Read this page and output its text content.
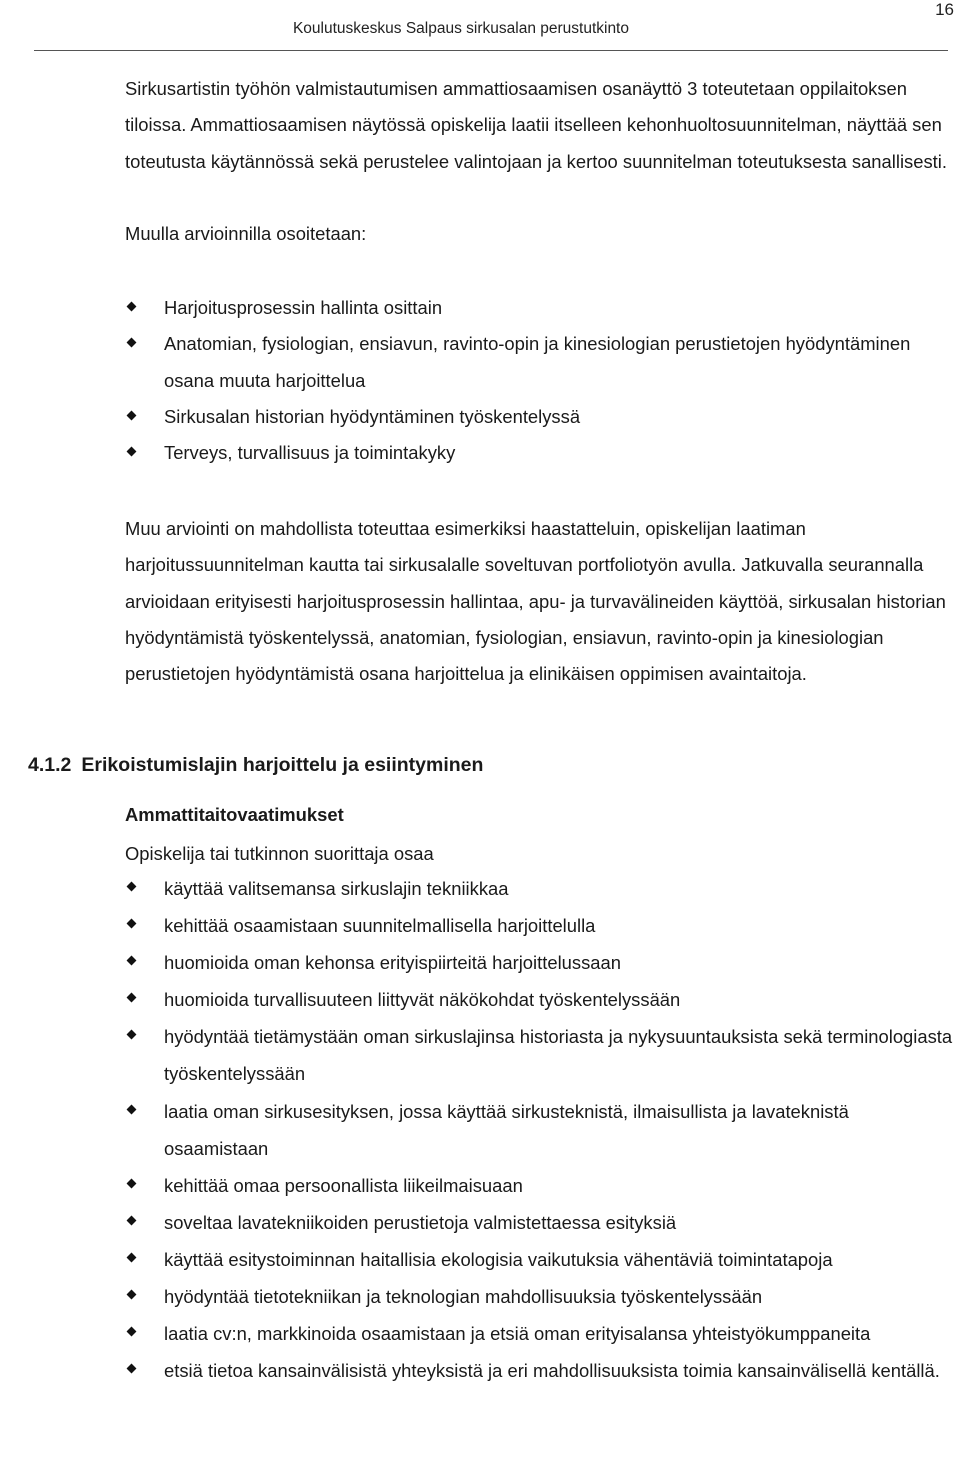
Koulutuskeskus Salpaus sirkusalan perustutkinto
16

Sirkusartistin työhön valmistautumisen ammattiosaamisen osanäyttö 3 toteutetaan oppilaitoksen tiloissa. Ammattiosaamisen näytössä opiskelija laatii itselleen kehonhuoltosuunnitelman, näyttää sen toteutusta käytännössä sekä perustelee valintojaan ja kertoo suunnitelman toteutuksesta sanallisesti.

Muulla arvioinnilla osoitetaan:

Harjoitusprosessin hallinta osittain
Anatomian, fysiologian, ensiavun, ravinto-opin ja kinesiologian perustietojen hyödyntäminen osana muuta harjoittelua
Sirkusalan historian hyödyntäminen työskentelyssä
Terveys, turvallisuus ja toimintakyky

Muu arviointi on mahdollista toteuttaa esimerkiksi haastatteluin, opiskelijan laatiman harjoitussuunnitelman kautta tai sirkusalalle soveltuvan portfoliotyön avulla. Jatkuvalla seurannalla arvioidaan erityisesti harjoitusprosessin hallintaa, apu- ja turvavälineiden käyttöä, sirkusalan historian hyödyntämistä työskentelyssä, anatomian, fysiologian, ensiavun, ravinto-opin ja kinesiologian perustietojen hyödyntämistä osana harjoittelua ja elinikäisen oppimisen avaintaitoja.

4.1.2 Erikoistumislajin harjoittelu ja esiintyminen
Ammattitaitovaatimukset
Opiskelija tai tutkinnon suorittaja osaa
käyttää valitsemansa sirkuslajin tekniikkaa
kehittää osaamistaan suunnitelmallisella harjoittelulla
huomioida oman kehonsa erityispiirteitä harjoittelussaan
huomioida turvallisuuteen liittyvät näkökohdat työskentelyssään
hyödyntää tietämystään oman sirkuslajinsa historiasta ja nykysuuntauksista sekä terminologiasta työskentelyssään
laatia oman sirkusesityksen, jossa käyttää sirkusteknistä, ilmaisullista ja lavateknistä osaamistaan
kehittää omaa persoonallista liikeilmaisuaan
soveltaa lavatekniikoiden perustietoja valmistettaessa esityksiä
käyttää esitystoiminnan haitallisia ekologisia vaikutuksia vähentäviä toimintatapoja
hyödyntää tietotekniikan ja teknologian mahdollisuuksia työskentelyssään
laatia cv:n, markkinoida osaamistaan ja etsiä oman erityisalansa yhteistyökumppaneita
etsiä tietoa kansainvälisistä yhteyksistä ja eri mahdollisuuksista toimia kansainvälisellä kentällä.
